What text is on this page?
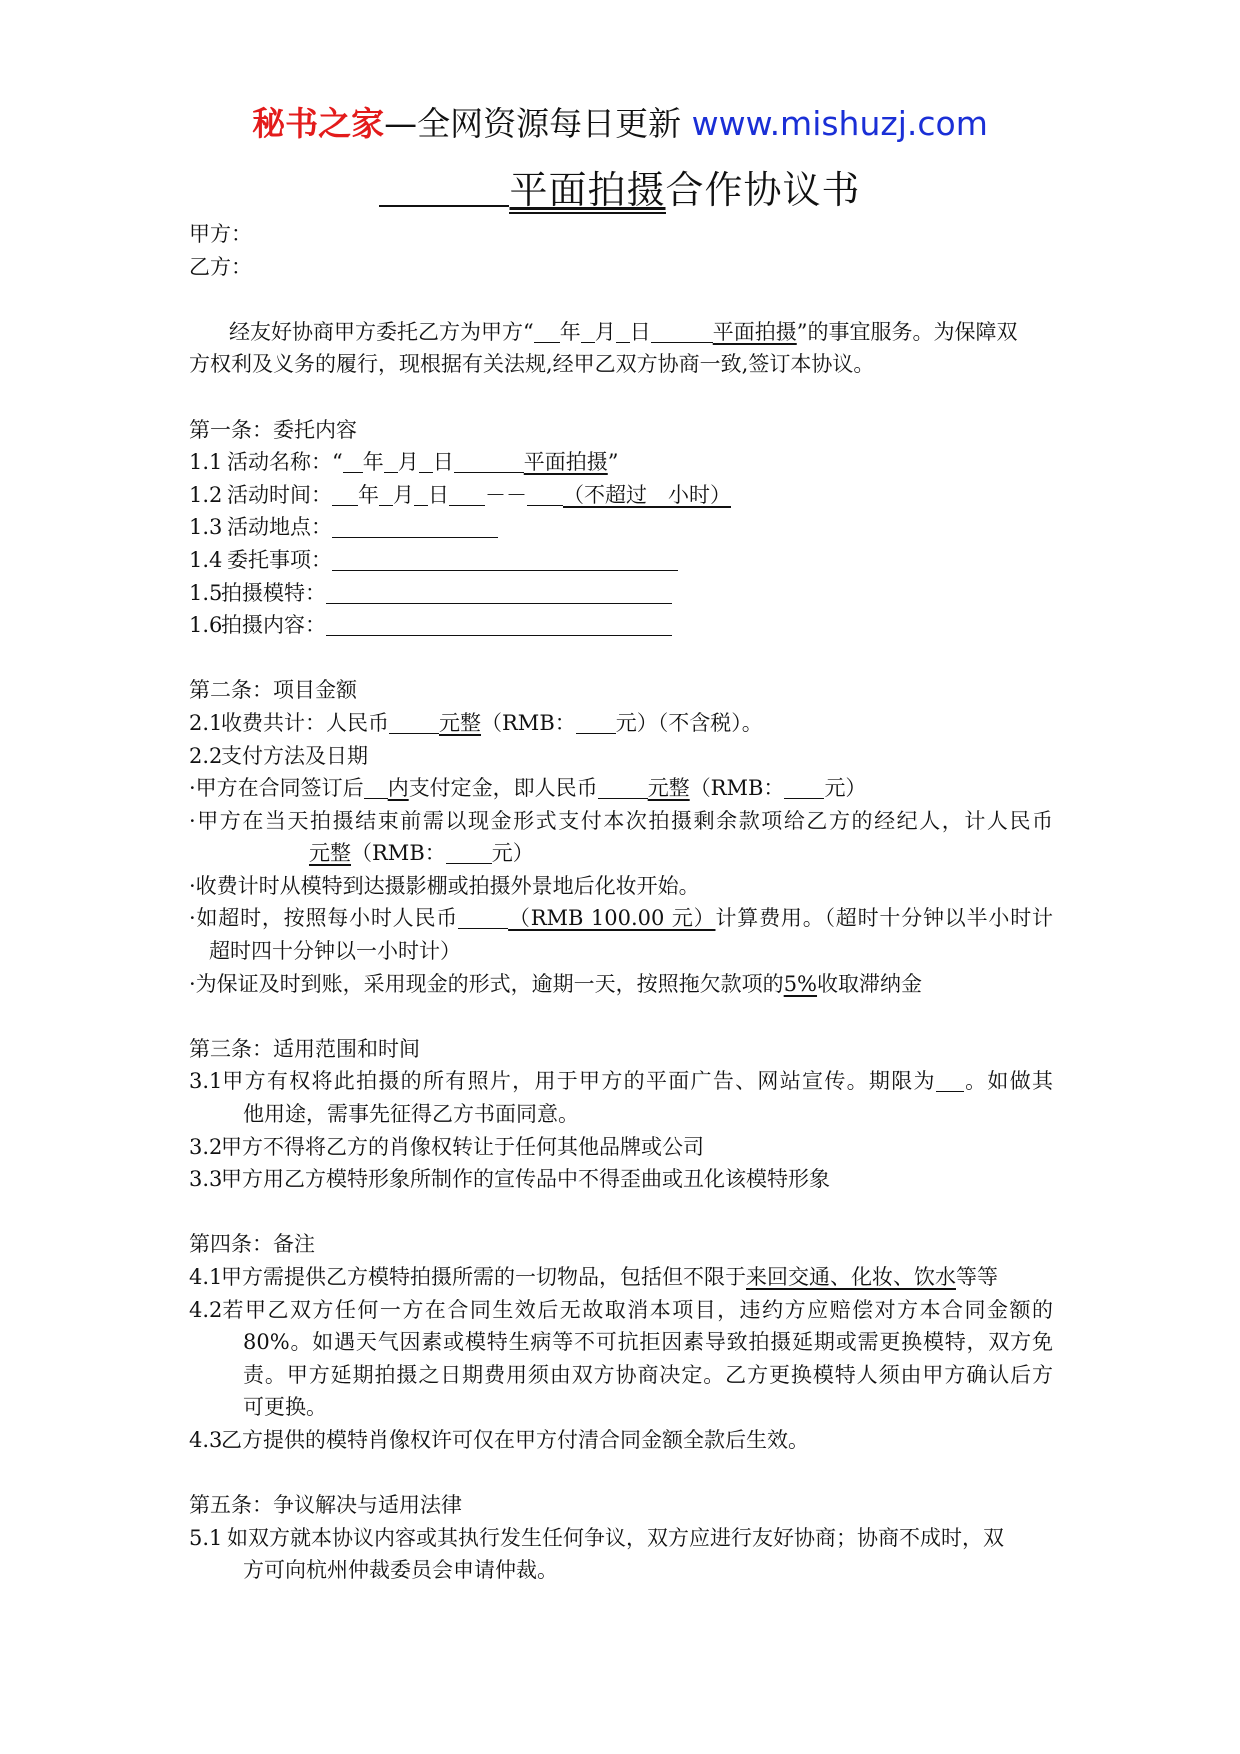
秘书之家—全网资源每日更新 www.mishuzj.com
平面拍摄合作协议书
甲方：
乙方：
经友好协商甲方委托乙方为甲方“ 年 月 日	平面拍摄”的事宜服务。为保障双
方权利及义务的履行，现根据有关法规,经甲乙双方协商一致,签订本协议。
第一条：委托内容
1.1 活动名称：“ 年 月 日	平面拍摄”
1.2 活动时间： 年 月 日 －－ （不超过　小时）
1.3 活动地点：
1.4 委托事项：
1.5拍摄模特：
1.6拍摄内容：
第二条：项目金额
2.1收费共计：人民币 元整（RMB： 元）（不含税）。
2.2支付方法及日期
·甲方在合同签订后 内支付定金，即人民币 元整（RMB： 元）
·甲方在当天拍摄结束前需以现金形式支付本次拍摄剩余款项给乙方的经纪人，计人民币
元整（RMB： 元）
·收费计时从模特到达摄影棚或拍摄外景地后化妆开始。
·如超时，按照每小时人民币 （RMB 100.00 元）计算费用。（超时十分钟以半小时计
超时四十分钟以一小时计）
·为保证及时到账，采用现金的形式，逾期一天，按照拖欠款项的5%收取滞纳金
第三条：适用范围和时间
3.1甲方有权将此拍摄的所有照片，用于甲方的平面广告、网站宣传。期限为 。如做其
他用途，需事先征得乙方书面同意。
3.2甲方不得将乙方的肖像权转让于任何其他品牌或公司
3.3甲方用乙方模特形象所制作的宣传品中不得歪曲或丑化该模特形象
第四条：备注
4.1甲方需提供乙方模特拍摄所需的一切物品，包括但不限于来回交通、化妆、饮水等等
4.2若甲乙双方任何一方在合同生效后无故取消本项目，违约方应赔偿对方本合同金额的
80%。如遇天气因素或模特生病等不可抗拒因素导致拍摄延期或需更换模特，双方免
责。甲方延期拍摄之日期费用须由双方协商决定。乙方更换模特人须由甲方确认后方
可更换。
4.3乙方提供的模特肖像权许可仅在甲方付清合同金额全款后生效。
第五条：争议解决与适用法律
5.1 如双方就本协议内容或其执行发生任何争议，双方应进行友好协商；协商不成时，双
方可向杭州仲裁委员会申请仲裁。
